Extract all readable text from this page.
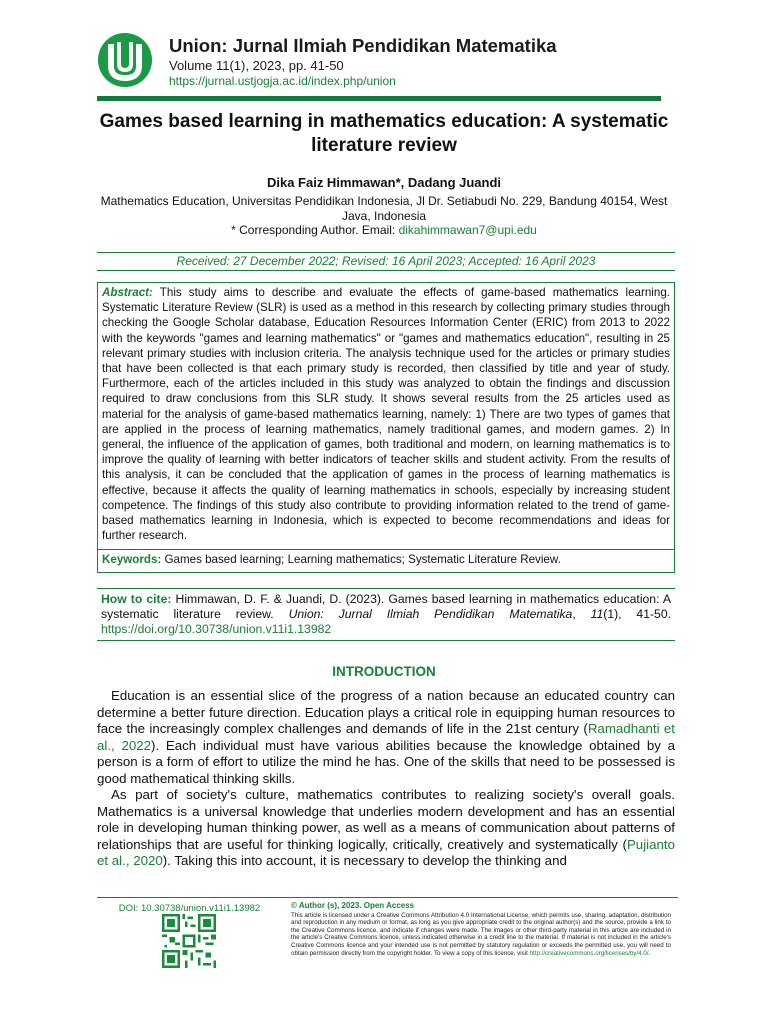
Union: Jurnal Ilmiah Pendidikan Matematika
Volume 11(1), 2023, pp. 41-50
https://jurnal.ustjogja.ac.id/index.php/union
Games based learning in mathematics education: A systematic literature review
Dika Faiz Himmawan*, Dadang Juandi
Mathematics Education, Universitas Pendidikan Indonesia, Jl Dr. Setiabudi No. 229, Bandung 40154, West Java, Indonesia
* Corresponding Author. Email: dikahimmawan7@upi.edu
Received: 27 December 2022; Revised: 16 April 2023; Accepted: 16 April 2023
Abstract: This study aims to describe and evaluate the effects of game-based mathematics learning. Systematic Literature Review (SLR) is used as a method in this research by collecting primary studies through checking the Google Scholar database, Education Resources Information Center (ERIC) from 2013 to 2022 with the keywords "games and learning mathematics" or "games and mathematics education", resulting in 25 relevant primary studies with inclusion criteria. The analysis technique used for the articles or primary studies that have been collected is that each primary study is recorded, then classified by title and year of study. Furthermore, each of the articles included in this study was analyzed to obtain the findings and discussion required to draw conclusions from this SLR study. It shows several results from the 25 articles used as material for the analysis of game-based mathematics learning, namely: 1) There are two types of games that are applied in the process of learning mathematics, namely traditional games, and modern games. 2) In general, the influence of the application of games, both traditional and modern, on learning mathematics is to improve the quality of learning with better indicators of teacher skills and student activity. From the results of this analysis, it can be concluded that the application of games in the process of learning mathematics is effective, because it affects the quality of learning mathematics in schools, especially by increasing student competence. The findings of this study also contribute to providing information related to the trend of game-based mathematics learning in Indonesia, which is expected to become recommendations and ideas for further research.
Keywords: Games based learning; Learning mathematics; Systematic Literature Review.
How to cite: Himmawan, D. F. & Juandi, D. (2023). Games based learning in mathematics education: A systematic literature review. Union: Jurnal Ilmiah Pendidikan Matematika, 11(1), 41-50. https://doi.org/10.30738/union.v11i1.13982
INTRODUCTION

Education is an essential slice of the progress of a nation because an educated country can determine a better future direction. Education plays a critical role in equipping human resources to face the increasingly complex challenges and demands of life in the 21st century (Ramadhanti et al., 2022). Each individual must have various abilities because the knowledge obtained by a person is a form of effort to utilize the mind he has. One of the skills that need to be possessed is good mathematical thinking skills.

As part of society's culture, mathematics contributes to realizing society's overall goals. Mathematics is a universal knowledge that underlies modern development and has an essential role in developing human thinking power, as well as a means of communication about patterns of relationships that are useful for thinking logically, critically, creatively and systematically (Pujianto et al., 2020). Taking this into account, it is necessary to develop the thinking and

DOI: 10.30738/union.v11i1.13982	© Author (s), 2023. Open Access
This article is licensed under a Creative Commons Attribution 4.0 International License, which permits use, sharing, adaptation, distribution and reproduction in any medium or format, as long as you give appropriate credit to the original author(s) and the source, provide a link to the Creative Commons licence, and indicate if changes were made. The images or other third-party material in this article are included in the article's Creative Commons licence, unless indicated otherwise in a credit line to the material. If material is not included in the article's Creative Commons licence and your intended use is not permitted by statutory regulation or exceeds the permitted use, you will need to obtain permission directly from the copyright holder. To view a copy of this licence, visit http://creativecommons.org/licenses/by/4.0/.
